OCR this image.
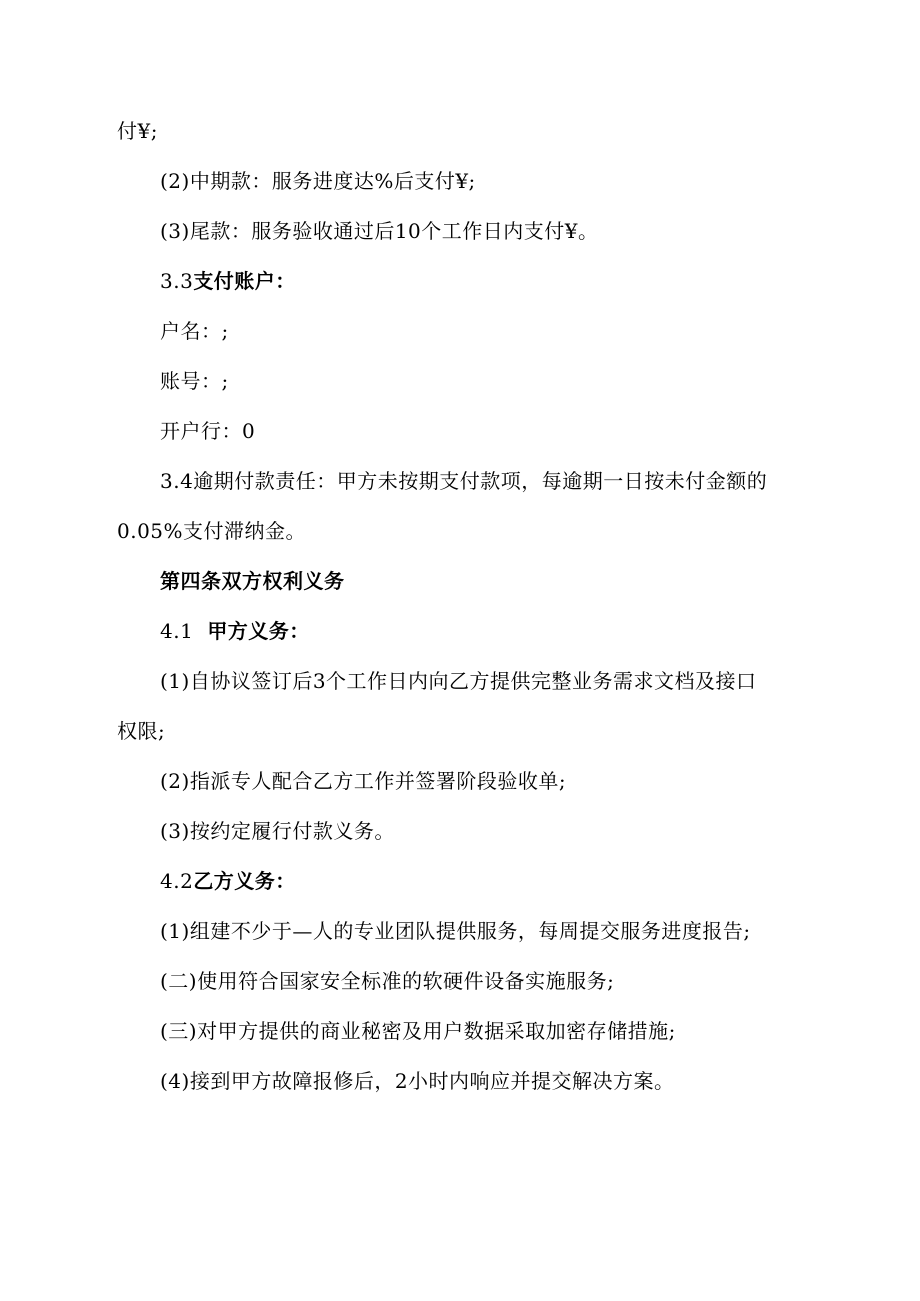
付¥;
(2)中期款：服务进度达%后支付¥;
(3)尾款：服务验收通过后10个工作日内支付¥。
3.3支付账户：
户名：;
账号：;
开户行：0
3.4逾期付款责任：甲方未按期支付款项，每逾期一日按未付金额的
0.05%支付滞纳金。
第四条双方权利义务
4.1 甲方义务：
(1)自协议签订后3个工作日内向乙方提供完整业务需求文档及接口
权限;
(2)指派专人配合乙方工作并签署阶段验收单;
(3)按约定履行付款义务。
4.2乙方义务：
(1)组建不少于—人的专业团队提供服务，每周提交服务进度报告;
(二)使用符合国家安全标准的软硬件设备实施服务;
(三)对甲方提供的商业秘密及用户数据采取加密存储措施;
(4)接到甲方故障报修后，2小时内响应并提交解决方案。
